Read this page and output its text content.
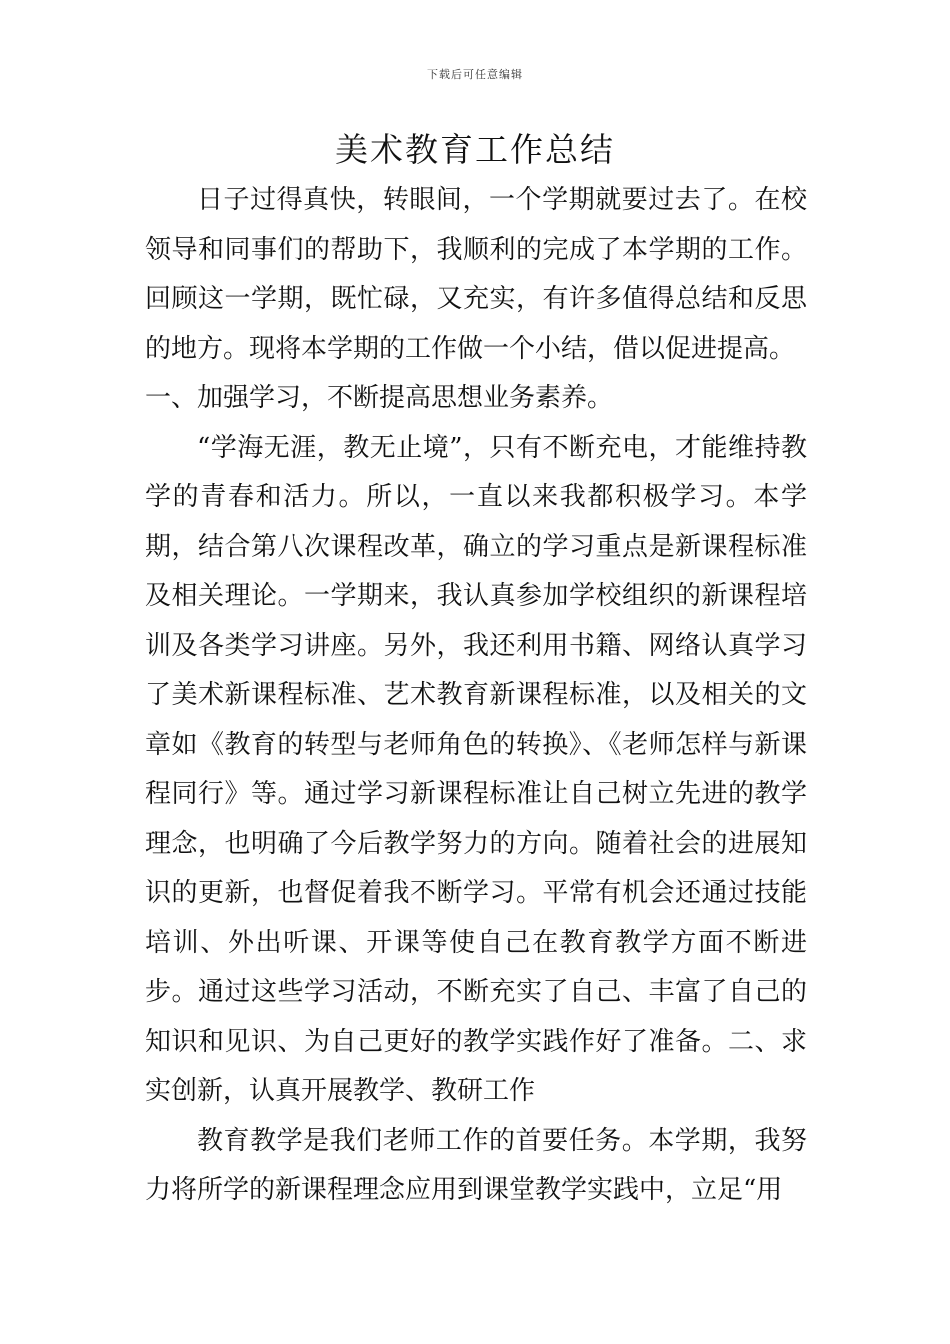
下载后可任意编辑
美术教育工作总结

日子过得真快，转眼间，一个学期就要过去了。在校领导和同事们的帮助下，我顺利的完成了本学期的工作。回顾这一学期，既忙碌，又充实，有许多值得总结和反思的地方。现将本学期的工作做一个小结，借以促进提高。

一、加强学习，不断提高思想业务素养。

“学海无涯，教无止境”，只有不断充电，才能维持教学的青春和活力。所以，一直以来我都积极学习。本学期，结合第八次课程改革，确立的学习重点是新课程标准及相关理论。一学期来，我认真参加学校组织的新课程培训及各类学习讲座。另外，我还利用书籍、网络认真学习了美术新课程标准、艺术教育新课程标准，以及相关的文章如《教育的转型与老师角色的转换》、《老师怎样与新课程同行》等。通过学习新课程标准让自己树立先进的教学理念，也明确了今后教学努力的方向。随着社会的进展知识的更新，也督促着我不断学习。平常有机会还通过技能培训、外出听课、开课等使自己在教育教学方面不断进步。通过这些学习活动，不断充实了自己、丰富了自己的知识和见识、为自己更好的教学实践作好了准备。二、求实创新，认真开展教学、教研工作

教育教学是我们老师工作的首要任务。本学期，我努力将所学的新课程理念应用到课堂教学实践中，立足“用
